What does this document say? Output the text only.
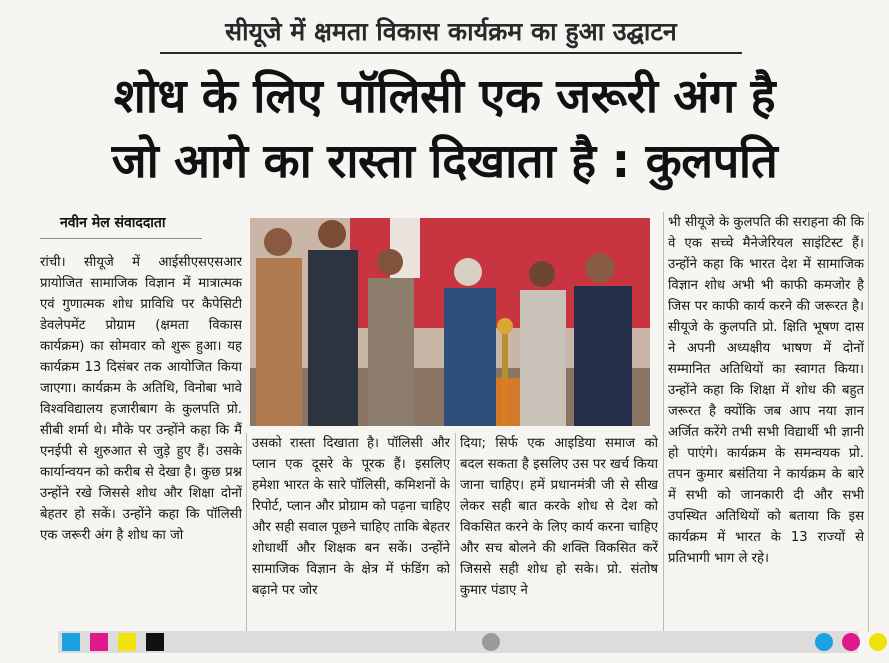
सीयूजे में क्षमता विकास कार्यक्रम का हुआ उद्घाटन
शोध के लिए पॉलिसी एक जरूरी अंग है
जो आगे का रास्ता दिखाता है : कुलपति
नवीन मेल संवाददाता
रांची। सीयूजे में आईसीएसएसआर प्रायोजित सामाजिक विज्ञान में मात्रात्मक एवं गुणात्मक शोध प्राविधि पर कैपेसिटी डेवलेपमेंट प्रोग्राम (क्षमता विकास कार्यक्रम) का सोमवार को शुरू हुआ। यह कार्यक्रम 13 दिसंबर तक आयोजित किया जाएगा। कार्यक्रम के अतिथि, विनोबा भावे विश्वविद्यालय हजारीबाग के कुलपति प्रो. सीबी शर्मा थे। मौके पर उन्होंने कहा कि मैं एनईपी से शुरुआत से जुड़े हुए हैं। उसके कार्यान्वयन को करीब से देखा है। कुछ प्रश्न उन्होंने रखे जिससे शोध और शिक्षा दोनों बेहतर हो सकें। उन्होंने कहा कि पॉलिसी एक जरूरी अंग है शोध का जो
उसको रास्ता दिखाता है। पॉलिसी और प्लान एक दूसरे के पूरक हैं। इसलिए हमेशा भारत के सारे पॉलिसी, कमिशनों के रिपोर्ट, प्लान और प्रोग्राम को पढ़ना चाहिए और सही सवाल पूछने चाहिए ताकि बेहतर शोधार्थी और शिक्षक बन सकें। उन्होंने सामाजिक विज्ञान के क्षेत्र में फंडिंग को बढ़ाने पर जोर
दिया; सिर्फ एक आइडिया समाज को बदल सकता है इसलिए उस पर खर्च किया जाना चाहिए। हमें प्रधानमंत्री जी से सीख लेकर सही बात करके शोध से देश को विकसित करने के लिए कार्य करना चाहिए और सच बोलने की शक्ति विकसित करें जिससे सही शोध हो सके। प्रो. संतोष कुमार पंडाए ने
भी सीयूजे के कुलपति की सराहना की कि वे एक सच्चे मैनेजेरियल साइंटिस्ट हैं। उन्होंने कहा कि भारत देश में सामाजिक विज्ञान शोध अभी भी काफी कमजोर है जिस पर काफी कार्य करने की जरूरत है। सीयूजे के कुलपति प्रो. क्षिति भूषण दास ने अपनी अध्यक्षीय भाषण में दोनों सम्मानित अतिथियों का स्वागत किया। उन्होंने कहा कि शिक्षा में शोध की बहुत जरूरत है क्योंकि जब आप नया ज्ञान अर्जित करेंगे तभी सभी विद्यार्थी भी ज्ञानी हो पाएंगे। कार्यक्रम के समन्वयक प्रो. तपन कुमार बसंतिया ने कार्यक्रम के बारे में सभी को जानकारी दी और सभी उपस्थित अतिथियों को बताया कि इस कार्यक्रम में भारत के 13 राज्यों से प्रतिभागी भाग ले रहे।
